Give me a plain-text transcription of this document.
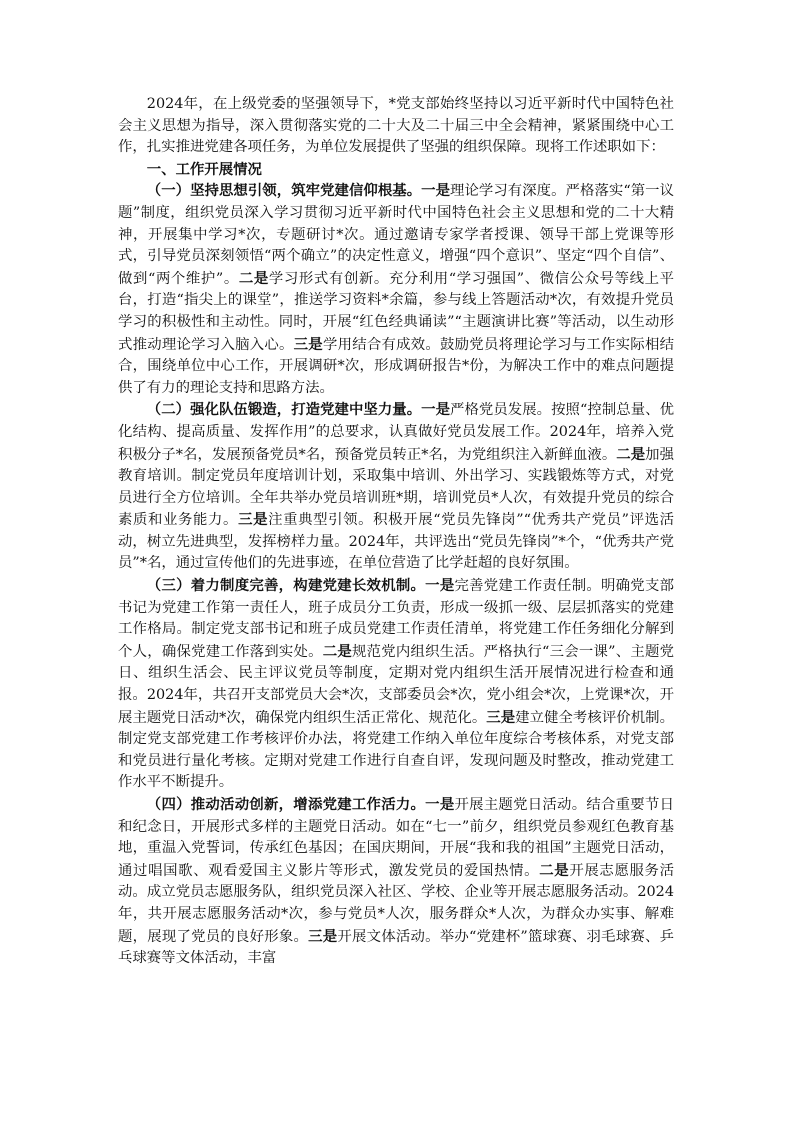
2024年，在上级党委的坚强领导下，*党支部始终坚持以习近平新时代中国特色社会主义思想为指导，深入贯彻落实党的二十大及二十届三中全会精神，紧紧围绕中心工作，扎实推进党建各项任务，为单位发展提供了坚强的组织保障。现将工作述职如下：

一、工作开展情况

（一）坚持思想引领，筑牢党建信仰根基。一是理论学习有深度。严格落实“第一议题”制度，组织党员深入学习贯彻习近平新时代中国特色社会主义思想和党的二十大精神，开展集中学习*次，专题研讨*次。通过邀请专家学者授课、领导干部上党课等形式，引导党员深刻领悟“两个确立”的决定性意义，增强“四个意识”、坚定“四个自信”、做到“两个维护”。二是学习形式有创新。充分利用“学习强国”、微信公众号等线上平台，打造“指尖上的课堂”，推送学习资料*余篇，参与线上答题活动*次，有效提升党员学习的积极性和主动性。同时，开展“红色经典诵读”“主题演讲比赛”等活动，以生动形式推动理论学习入脑入心。三是学用结合有成效。鼓励党员将理论学习与工作实际相结合，围绕单位中心工作，开展调研*次，形成调研报告*份，为解决工作中的难点问题提供了有力的理论支持和思路方法。

（二）强化队伍锻造，打造党建中坚力量。一是严格党员发展。按照“控制总量、优化结构、提高质量、发挥作用”的总要求，认真做好党员发展工作。2024年，培养入党积极分子*名，发展预备党员*名，预备党员转正*名，为党组织注入新鲜血液。二是加强教育培训。制定党员年度培训计划，采取集中培训、外出学习、实践锻炼等方式，对党员进行全方位培训。全年共举办党员培训班*期，培训党员*人次，有效提升党员的综合素质和业务能力。三是注重典型引领。积极开展“党员先锋岗”“优秀共产党员”评选活动，树立先进典型，发挥榜样力量。2024年，共评选出“党员先锋岗”*个，“优秀共产党员”*名，通过宣传他们的先进事迹，在单位营造了比学赶超的良好氛围。

（三）着力制度完善，构建党建长效机制。一是完善党建工作责任制。明确党支部书记为党建工作第一责任人，班子成员分工负责，形成一级抓一级、层层抓落实的党建工作格局。制定党支部书记和班子成员党建工作责任清单，将党建工作任务细化分解到个人，确保党建工作落到实处。二是规范党内组织生活。严格执行“三会一课”、主题党日、组织生活会、民主评议党员等制度，定期对党内组织生活开展情况进行检查和通报。2024年，共召开支部党员大会*次，支部委员会*次，党小组会*次，上党课*次，开展主题党日活动*次，确保党内组织生活正常化、规范化。三是建立健全考核评价机制。制定党支部党建工作考核评价办法，将党建工作纳入单位年度综合考核体系，对党支部和党员进行量化考核。定期对党建工作进行自查自评，发现问题及时整改，推动党建工作水平不断提升。

（四）推动活动创新，增添党建工作活力。一是开展主题党日活动。结合重要节日和纪念日，开展形式多样的主题党日活动。如在“七一”前夕，组织党员参观红色教育基地，重温入党誓词，传承红色基因；在国庆期间，开展“我和我的祖国”主题党日活动，通过唱国歌、观看爱国主义影片等形式，激发党员的爱国热情。二是开展志愿服务活动。成立党员志愿服务队，组织党员深入社区、学校、企业等开展志愿服务活动。2024年，共开展志愿服务活动*次，参与党员*人次，服务群众*人次，为群众办实事、解难题，展现了党员的良好形象。三是开展文体活动。举办“党建杯”篮球赛、羽毛球赛、乒乓球赛等文体活动，丰富
